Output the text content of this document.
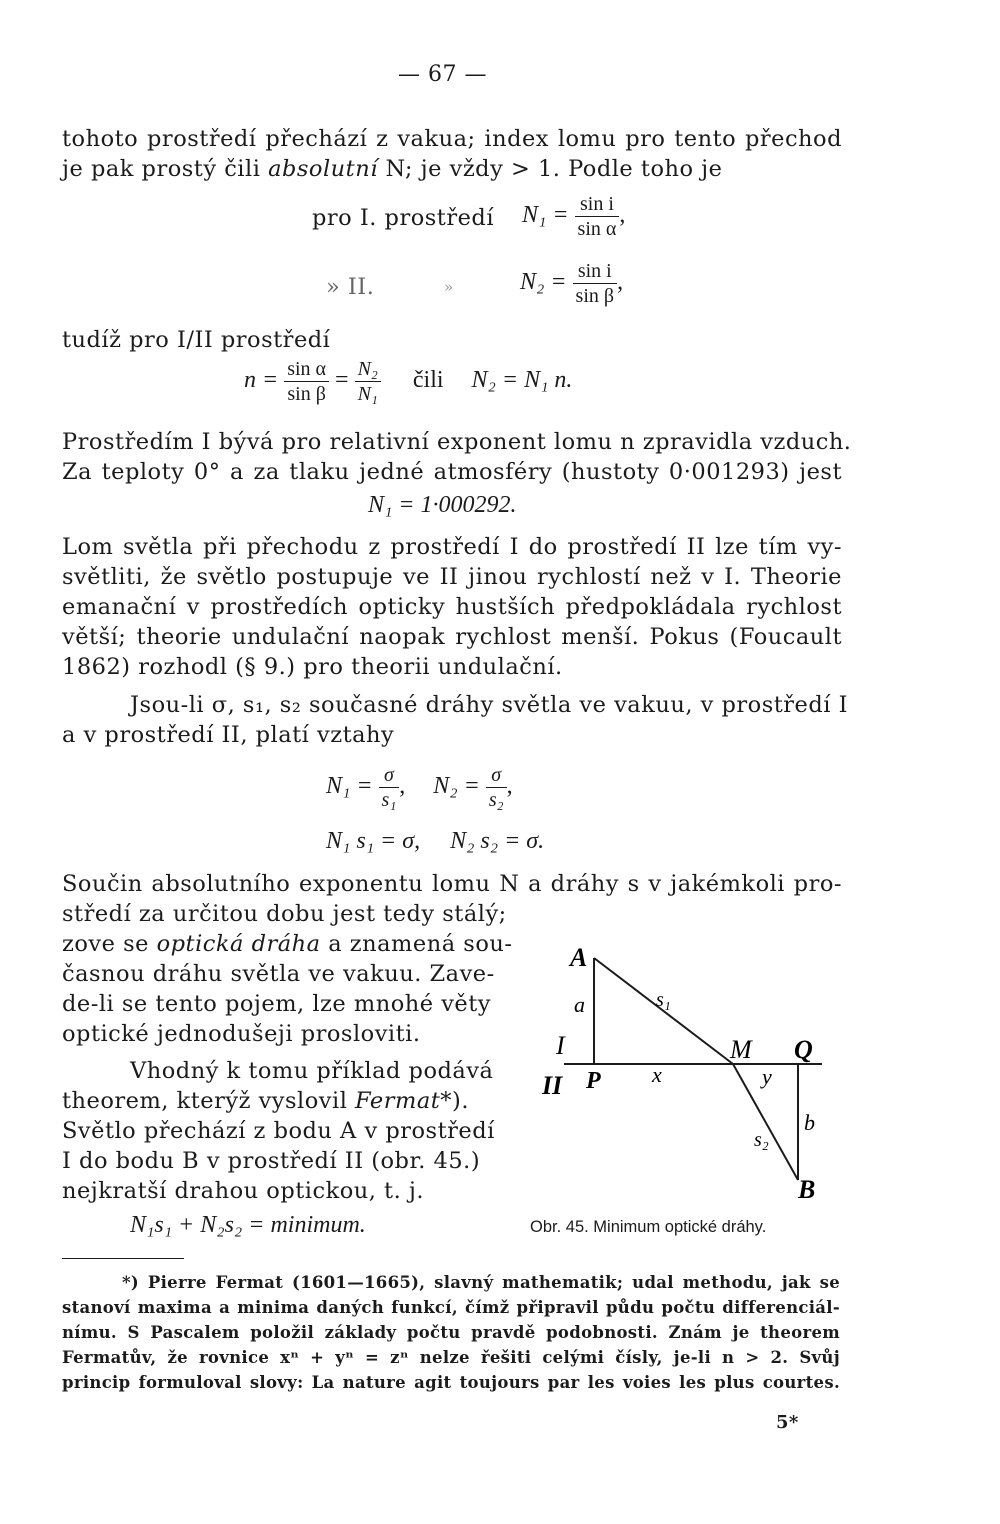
— 67 —
tohoto prostředí přechází z vakua; index lomu pro tento přechod
je pak prostý čili absolutní N; je vždy > 1. Podle toho je
pro I. prostředí $N_1 = \frac{\text{sin i}}{\text{sin α}}$ ,
» II.	»	$N_2 = \frac{\text{sin i}}{\text{sin β}}$ ,
tudíž pro I/II prostředí
$n = \frac{\text{sin α}}{\text{sin β}} = \frac{\text{N₂}}{\text{N₁}}$ čili N₂ = N₁ n.
Prostředím I bývá pro relativní exponent lomu n zpravidla vzduch.
Za teploty 0° a za tlaku jedné atmosféry (hustoty 0·001293) jest
N₁ = 1·000292.
Lom světla při přechodu z prostředí I do prostředí II lze tím vy-
světliti, že světlo postupuje ve II jinou rychlostí než v I. Theorie
emanační v prostředích opticky hustších předpokládala rychlost
větší; theorie undulační naopak rychlost menší. Pokus (Foucault
1862) rozhodl (§ 9.) pro theorii undulační.
Jsou-li σ, s₁, s₂ současné dráhy světla ve vakuu, v prostředí I
a v prostředí II, platí vztahy
$N_1 = \frac{\sigma}{\text{s₁}}$ , $N_2 = \frac{\sigma}{\text{s₂}}$ ,
N₁ s₁ = σ,     N₂ s₂ = σ.
Součin absolutního exponentu lomu N a dráhy s v jakémkoli pro-
středí za určitou dobu jest tedy stálý;
zove se optická dráha a znamená sou-
časnou dráhu světla ve vakuu. Zave-
de-li se tento pojem, lze mnohé věty
optické jednodušeji prosloviti.
Vhodný k tomu příklad podává
theorem, kterýž vyslovil Fermat*).
Světlo přechází z bodu A v prostředí
I do bodu B v prostředí II (obr. 45.)
nejkratší drahou optickou, t. j.
N₁s₁ + N₂s₂ = minimum.
A
a	s₁
I
II P x
M Q
y
s₂
b
B
Obr. 45. Minimum optické dráhy.
*) Pierre Fermat (1601—1665), slavný mathematik; udal methodu, jak se
stanoví maxima a minima daných funkcí, čímž připravil půdu počtu differenciál-
nímu. S Pascalem položil základy počtu pravdě podobnosti. Znám je theorem
Fermatův, že rovnice xⁿ + yⁿ = zⁿ nelze řešiti celými čísly, je-li n > 2. Svůj
princip formuloval slovy: La nature agit toujours par les voies les plus courtes.
5*
